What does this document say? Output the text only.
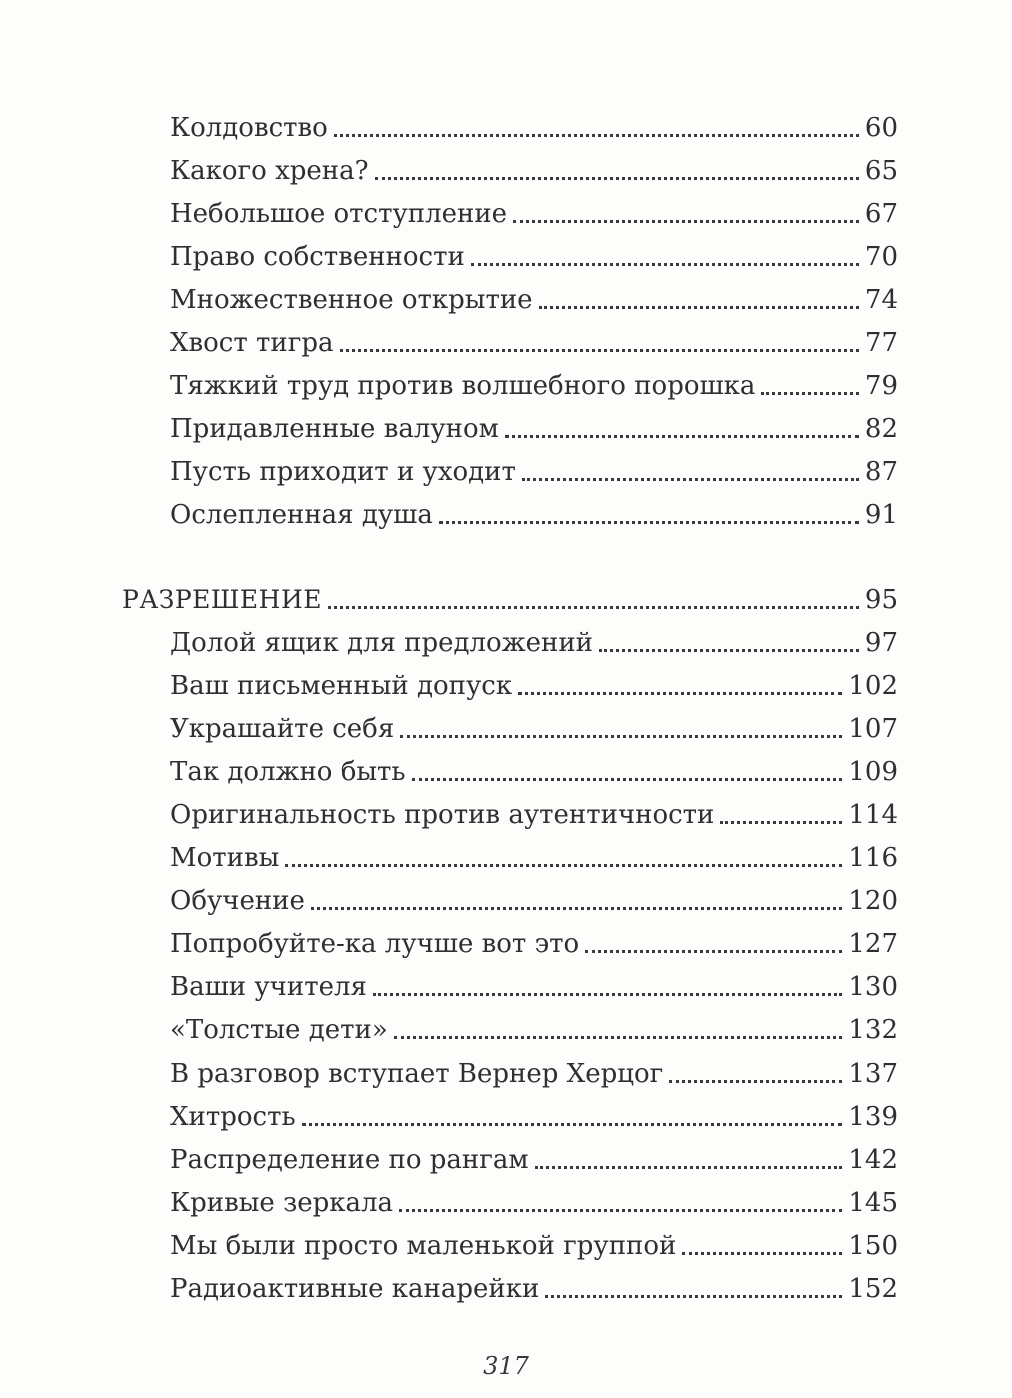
Колдовство	60
Какого хрена?	65
Небольшое отступление	67
Право собственности	70
Множественное открытие	74
Хвост тигра	77
Тяжкий труд против волшебного порошка	79
Придавленные валуном	82
Пусть приходит и уходит	87
Ослепленная душа	91
РАЗРЕШЕНИЕ	95
Долой ящик для предложений	97
Ваш письменный допуск	102
Украшайте себя	107
Так должно быть	109
Оригинальность против аутентичности	114
Мотивы	116
Обучение	120
Попробуйте-ка лучше вот это	127
Ваши учителя	130
«Толстые дети»	132
В разговор вступает Вернер Херцог	137
Хитрость	139
Распределение по рангам	142
Кривые зеркала	145
Мы были просто маленькой группой	150
Радиоактивные канарейки	152
317
